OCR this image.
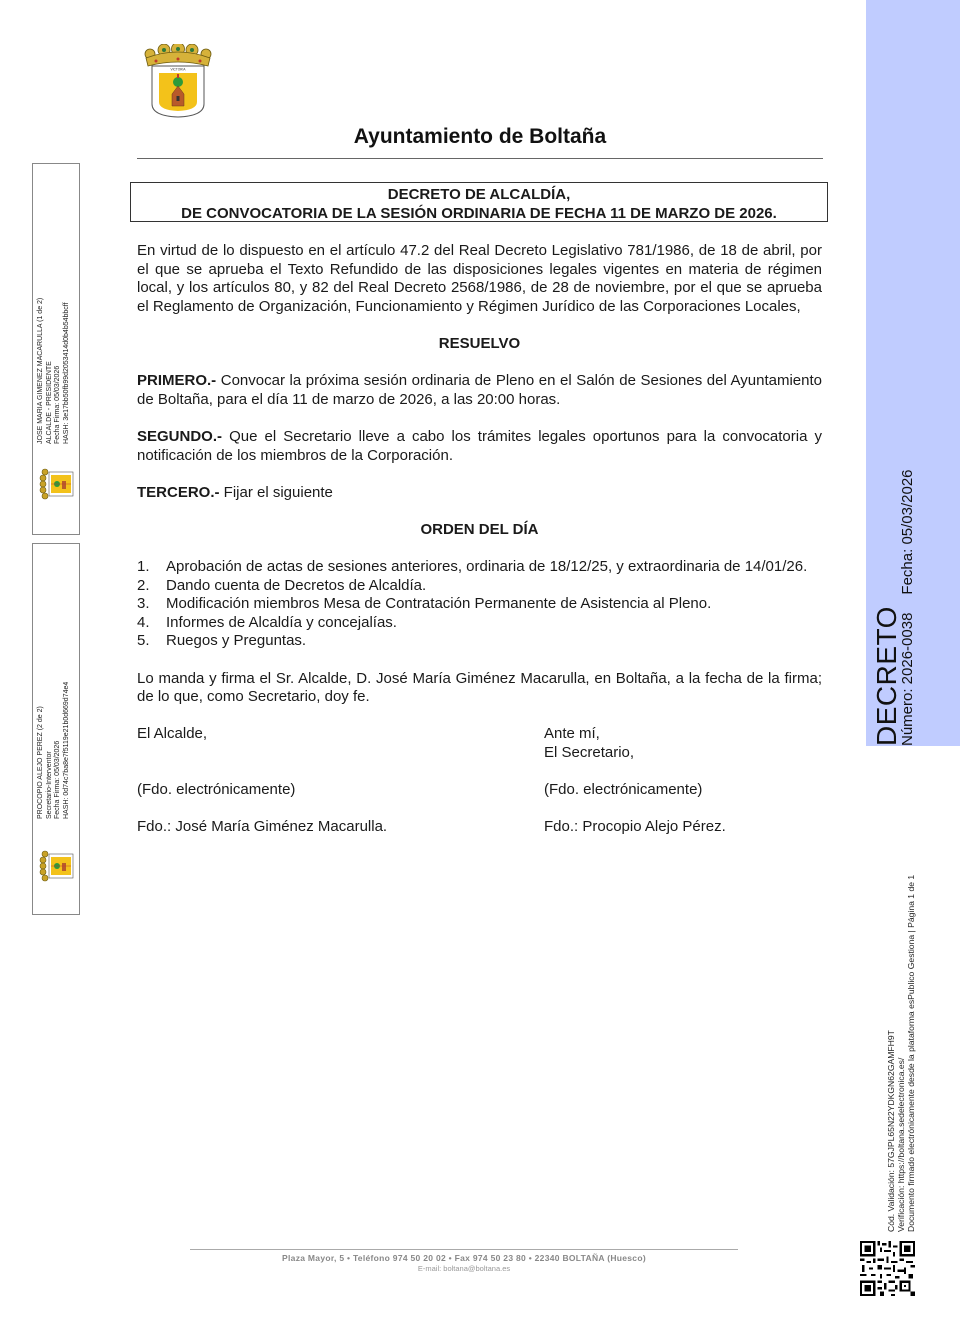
DECRETO
Número: 2026-0038Fecha: 05/03/2026
Cód. Validación: 57GJPL65N22YDKGN62GAMFH9T Verificación: https://boltana.sedelectronica.es/ Documento firmado electrónicamente desde la plataforma esPublico Gestiona | Página 1 de 1
JOSE MARIA GIMENEZ MACARULLA (1 de 2) ALCALDE - PRESIDENTE Fecha Firma: 05/03/2026 HASH: 3e17bb50fb99d2053414d0b4b54bbcff
PROCOPIO ALEJO PEREZ (2 de 2) Secretario-Interventor Fecha Firma: 05/03/2026 HASH: 0d74c7ba8e7f5119e21b0d669d74e4
VICTORIA
Ayuntamiento de Boltaña
DECRETO DE ALCALDÍA,
DE CONVOCATORIA DE LA SESIÓN ORDINARIA DE FECHA 11 DE MARZO DE 2026.

En virtud de lo dispuesto en el artículo 47.2 del Real Decreto Legislativo 781/1986, de 18 de abril, por el que se aprueba el Texto Refundido de las disposiciones legales vigentes en materia de régimen local, y los artículos 80, y 82 del Real Decreto 2568/1986, de 28 de noviembre, por el que se aprueba el Reglamento de Organización, Funcionamiento y Régimen Jurídico de las Corporaciones Locales,

RESUELVO

PRIMERO.- Convocar la próxima sesión ordinaria de Pleno en el Salón de Sesiones del Ayuntamiento de Boltaña, para el día 11 de marzo de 2026, a las 20:00 horas.

SEGUNDO.- Que el Secretario lleve a cabo los trámites legales oportunos para la convocatoria y notificación de los miembros de la Corporación.

TERCERO.- Fijar el siguiente

ORDEN DEL DÍA

1. Aprobación de actas de sesiones anteriores, ordinaria de 18/12/25, y extraordinaria de 14/01/26.
2. Dando cuenta de Decretos de Alcaldía.
3. Modificación miembros Mesa de Contratación Permanente de Asistencia al Pleno.
4. Informes de Alcaldía y concejalías.
5. Ruegos y Preguntas.

Lo manda y firma el Sr. Alcalde, D. José María Giménez Macarulla, en Boltaña, a la fecha de la firma; de lo que, como Secretario, doy fe.

El Alcalde,
(Fdo. electrónicamente)
Fdo.: José María Giménez Macarulla.
Ante mí,
El Secretario,
(Fdo. electrónicamente)
Fdo.: Procopio Alejo Pérez.
Plaza Mayor, 5 • Teléfono 974 50 20 02 • Fax 974 50 23 80 • 22340 BOLTAÑA (Huesco)
E-mail: boltana@boltana.es
